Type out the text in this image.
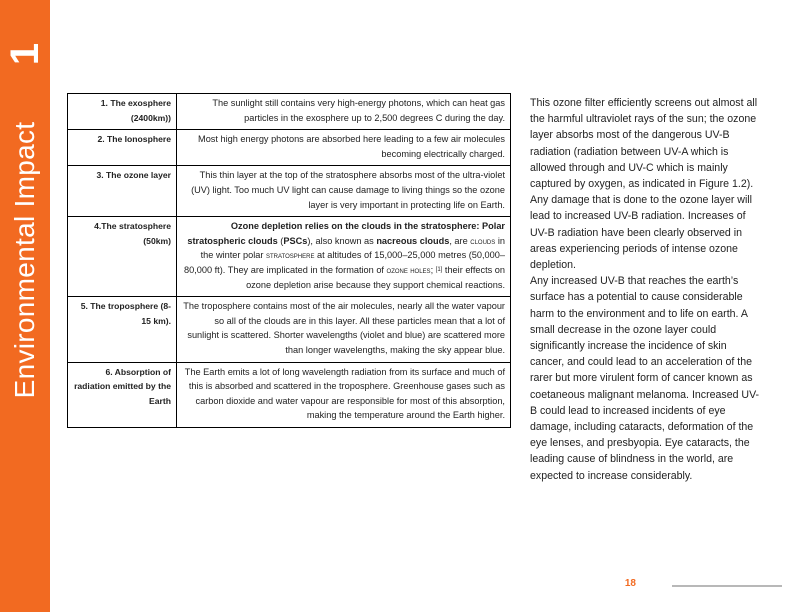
1
Environmental Impact
1. The exosphere (2400km))	The sunlight still contains very high-energy photons, which can heat gas particles in the exosphere up to 2,500 degrees C during the day.
2. The Ionosphere	Most high energy photons are absorbed here leading to a few air molecules becoming electrically charged.
3. The ozone layer	This thin layer at the top of the stratosphere absorbs most of the ultra-violet (UV) light. Too much UV light can cause damage to living things so the ozone layer is very important in protecting life on Earth.
4.The stratosphere (50km)	Ozone depletion relies on the clouds in the stratosphere: Polar stratospheric clouds (PSCs), also known as nacreous clouds, are clouds in the winter polar stratosphere at altitudes of 15,000–25,000 metres (50,000–80,000 ft). They are implicated in the formation of ozone holes; [1] their effects on ozone depletion arise because they support chemical reactions.
5. The troposphere (8-15 km).	The troposphere contains most of the air molecules, nearly all the water vapour so all of the clouds are in this layer. All these particles mean that a lot of sunlight is scattered. Shorter wavelengths (violet and blue) are scattered more than longer wavelengths, making the sky appear blue.
6. Absorption of radiation emitted by the Earth	The Earth emits a lot of long wavelength radiation from its surface and much of this is absorbed and scattered in the troposphere. Greenhouse gases such as carbon dioxide and water vapour are responsible for most of this absorption, making the temperature around the Earth higher.

This ozone filter efficiently screens out almost all the harmful ultraviolet rays of the sun; the ozone layer absorbs most of the dangerous UV-B radiation (radiation between UV-A which is allowed through and UV-C which is mainly captured by oxygen, as indicated in Figure 1.2). Any damage that is done to the ozone layer will lead to increased UV-B radiation. Increases of UV-B radiation have been clearly observed in areas experiencing periods of intense ozone depletion.

Any increased UV-B that reaches the earth’s surface has a potential to cause considerable harm to the environment and to life on earth. A small decrease in the ozone layer could significantly increase the incidence of skin cancer, and could lead to an acceleration of the rarer but more virulent form of cancer known as coetaneous malignant melanoma. Increased UV-B could lead to increased incidents of eye damage, including cataracts, deformation of the eye lenses, and presbyopia. Eye cataracts, the leading cause of blindness in the world, are expected to increase considerably.

18
